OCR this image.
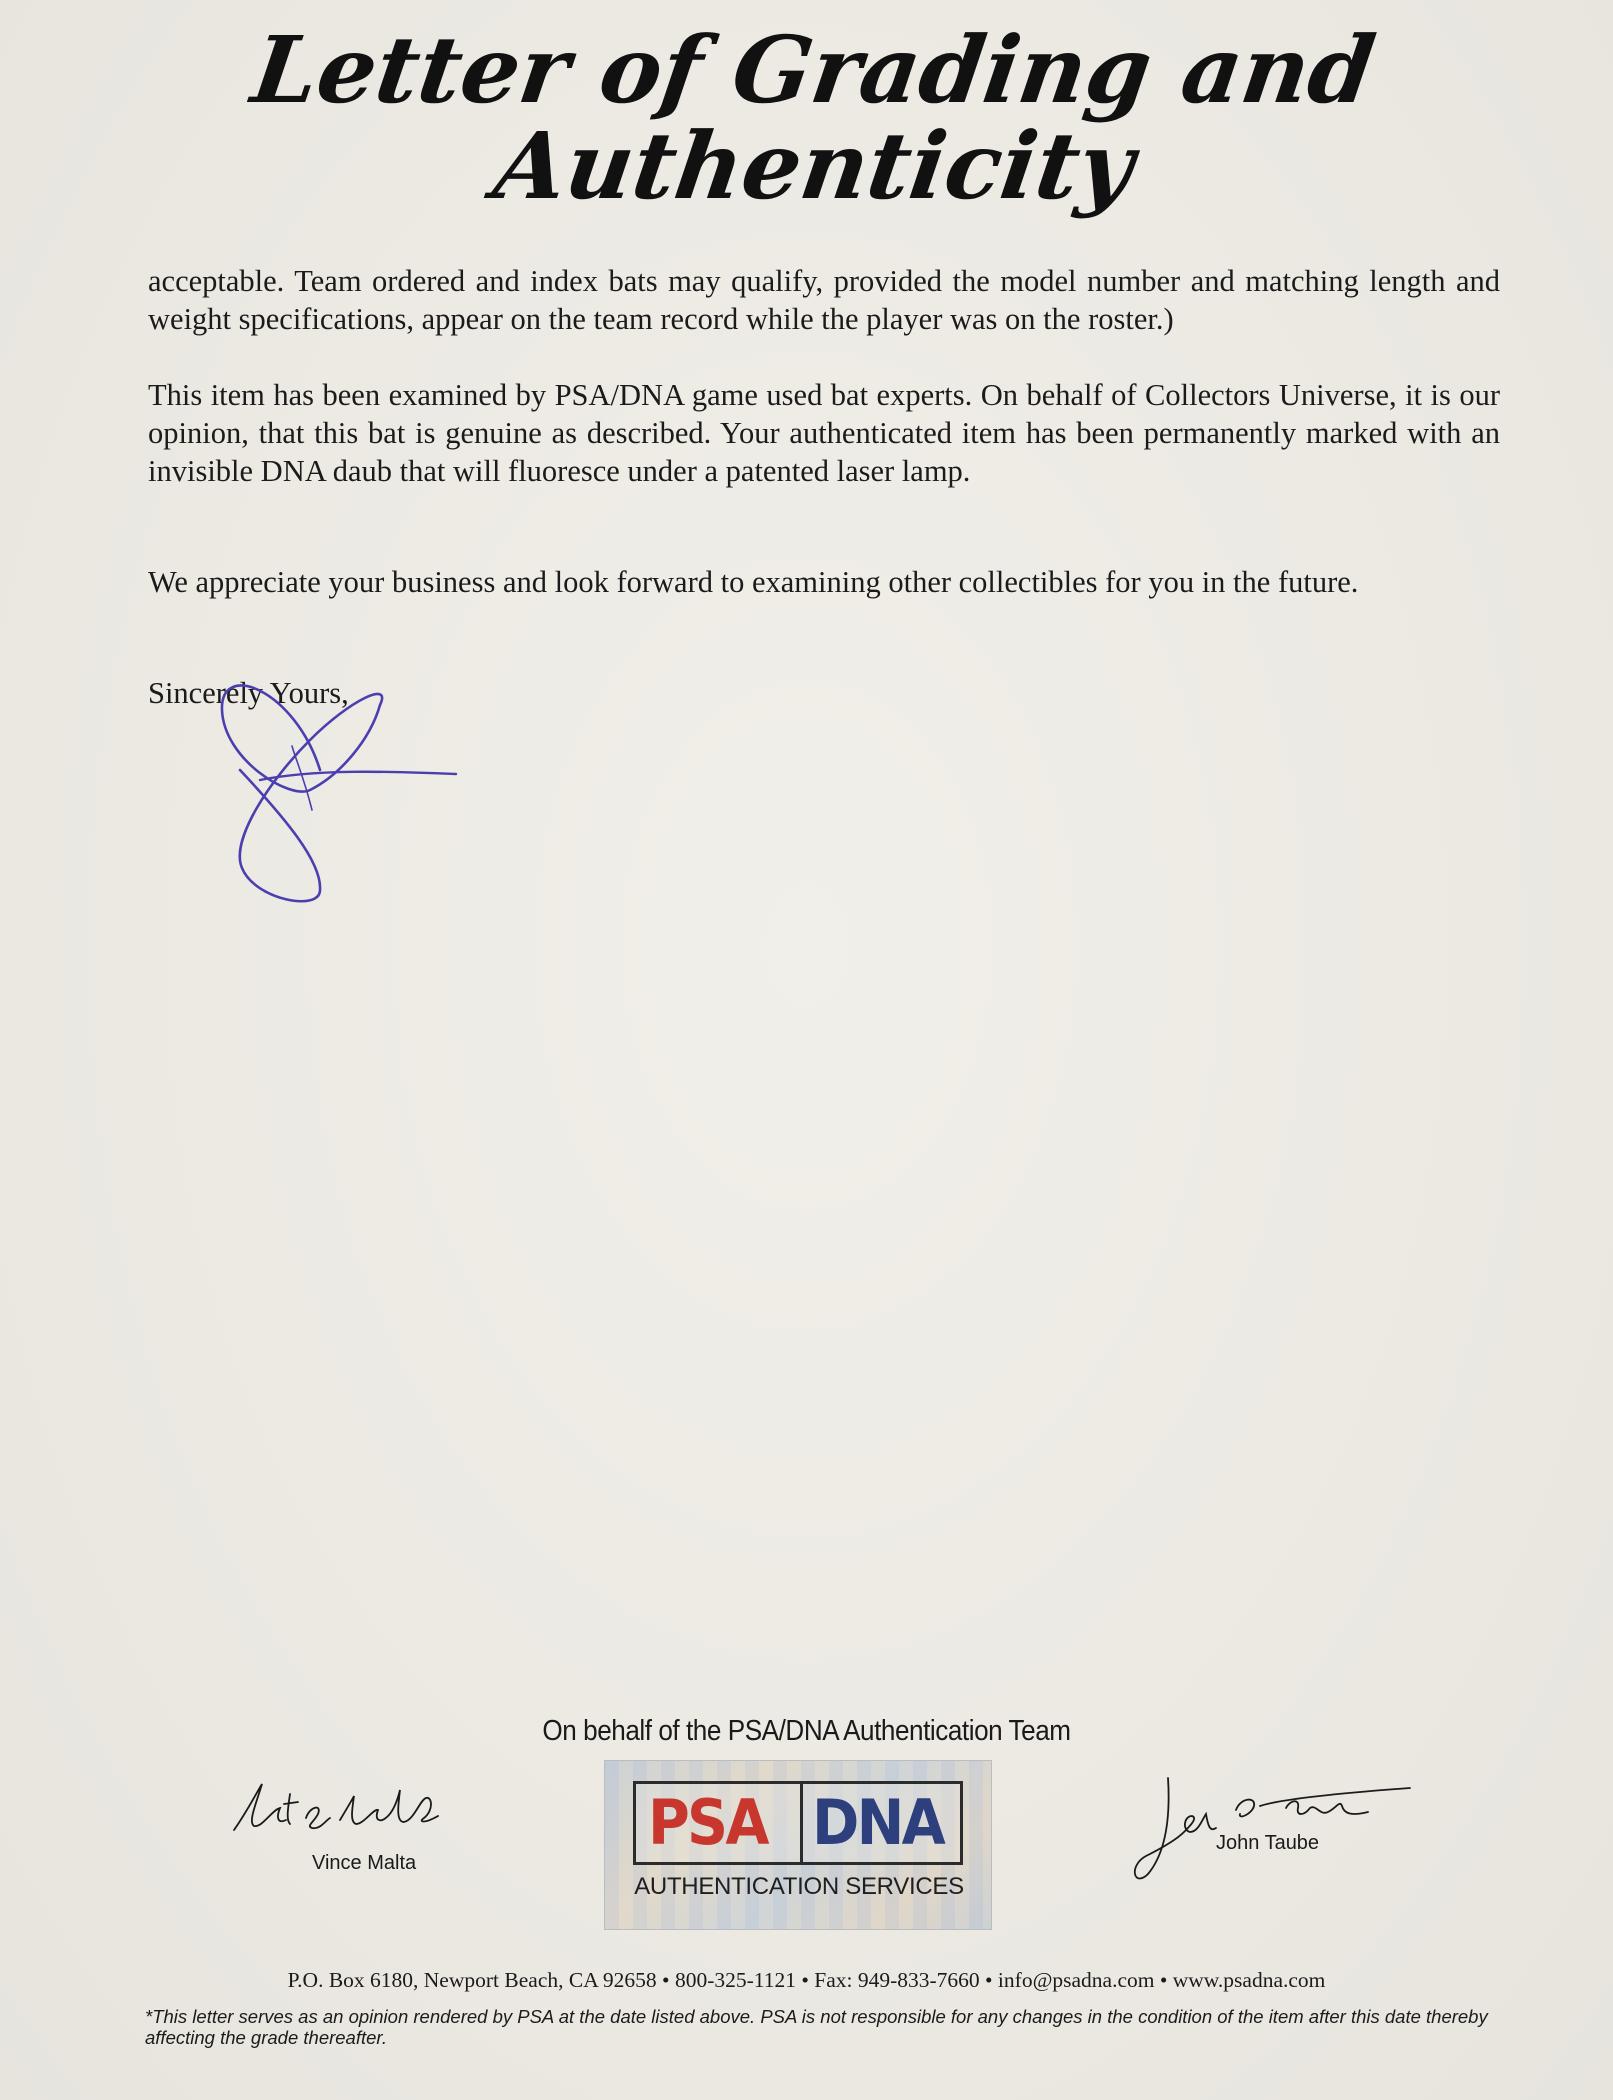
Letter of Grading and
Authenticity

acceptable. Team ordered and index bats may qualify, provided the model number and matching length and weight specifications, appear on the team record while the player was on the roster.)

This item has been examined by PSA/DNA game used bat experts. On behalf of Collectors Universe, it is our opinion, that this bat is genuine as described. Your authenticated item has been permanently marked with an invisible DNA daub that will fluoresce under a patented laser lamp.

We appreciate your business and look forward to examining other collectibles for you in the future.

Sincerely Yours,

On behalf of the PSA/DNA Authentication Team
Vince Malta
PSA DNA
AUTHENTICATION SERVICES
John Taube
P.O. Box 6180, Newport Beach, CA 92658 • 800-325-1121 • Fax: 949-833-7660 • info@psadna.com • www.psadna.com
*This letter serves as an opinion rendered by PSA at the date listed above. PSA is not responsible for any changes in the condition of the item after this date thereby affecting the grade thereafter.
